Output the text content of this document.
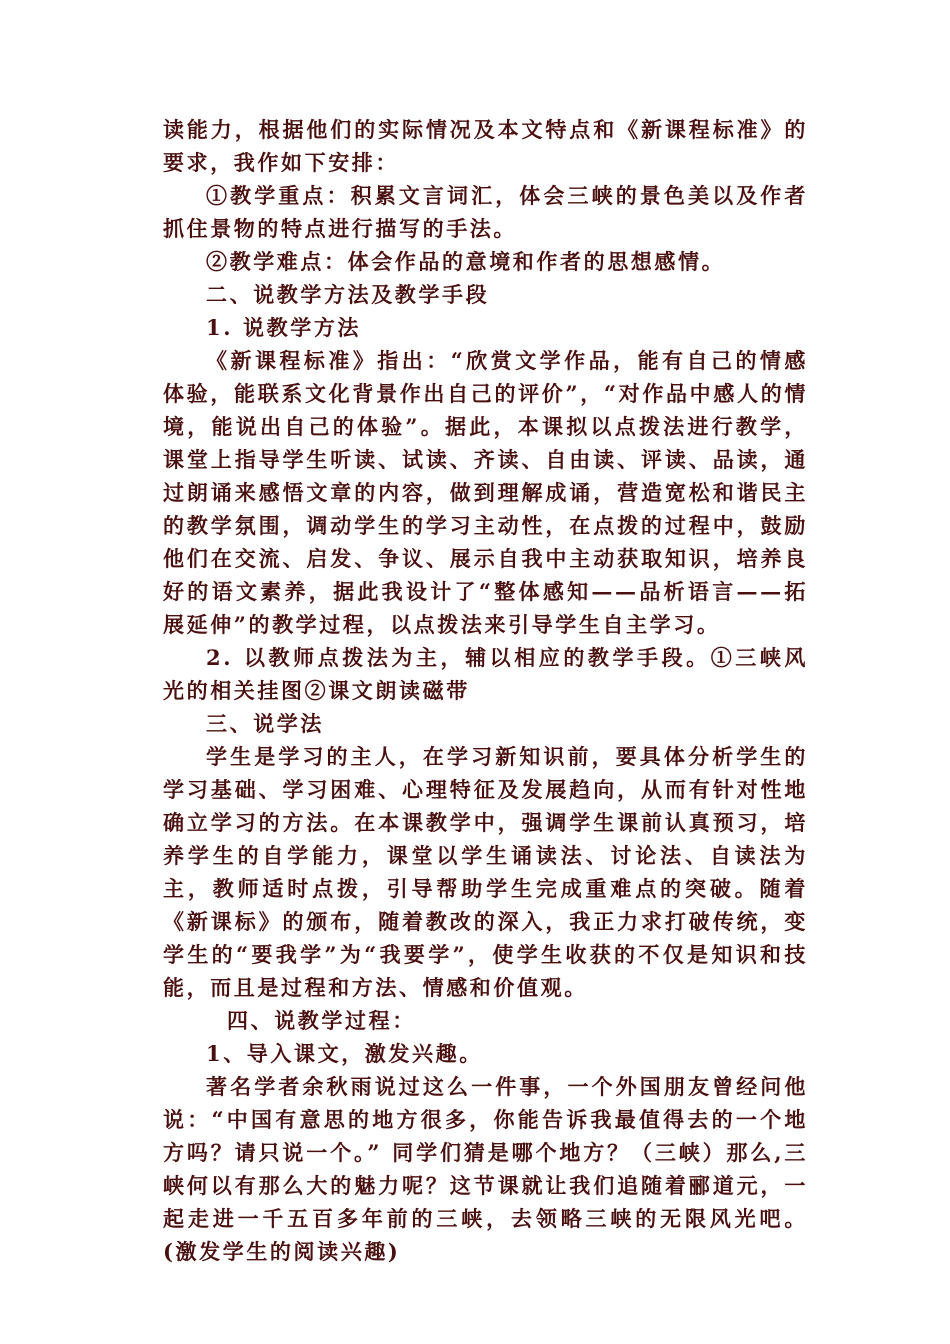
读能力，根据他们的实际情况及本文特点和《新课程标准》的要求，我作如下安排：

①教学重点：积累文言词汇，体会三峡的景色美以及作者抓住景物的特点进行描写的手法。

②教学难点：体会作品的意境和作者的思想感情。

二、说教学方法及教学手段

1. 说教学方法

《新课程标准》指出：“欣赏文学作品，能有自己的情感体验，能联系文化背景作出自己的评价”，“对作品中感人的情境，能说出自己的体验”。据此，本课拟以点拨法进行教学，课堂上指导学生听读、试读、齐读、自由读、评读、品读，通过朗诵来感悟文章的内容，做到理解成诵，营造宽松和谐民主的教学氛围，调动学生的学习主动性，在点拨的过程中，鼓励他们在交流、启发、争议、展示自我中主动获取知识，培养良好的语文素养，据此我设计了“整体感知——品析语言——拓展延伸”的教学过程，以点拨法来引导学生自主学习。

2. 以教师点拨法为主，辅以相应的教学手段。①三峡风光的相关挂图②课文朗读磁带

三、说学法

学生是学习的主人，在学习新知识前，要具体分析学生的学习基础、学习困难、心理特征及发展趋向，从而有针对性地确立学习的方法。在本课教学中，强调学生课前认真预习，培养学生的自学能力，课堂以学生诵读法、讨论法、自读法为主，教师适时点拨，引导帮助学生完成重难点的突破。随着《新课标》的颁布，随着教改的深入，我正力求打破传统，变学生的“要我学”为“我要学”，使学生收获的不仅是知识和技能，而且是过程和方法、情感和价值观。

四、说教学过程：

1、导入课文，激发兴趣。

著名学者余秋雨说过这么一件事，一个外国朋友曾经问他说：“中国有意思的地方很多，你能告诉我最值得去的一个地方吗？请只说一个。” 同学们猜是哪个地方？（三峡）那么,三峡何以有那么大的魅力呢？这节课就让我们追随着郦道元，一起走进一千五百多年前的三峡，去领略三峡的无限风光吧。(激发学生的阅读兴趣)
